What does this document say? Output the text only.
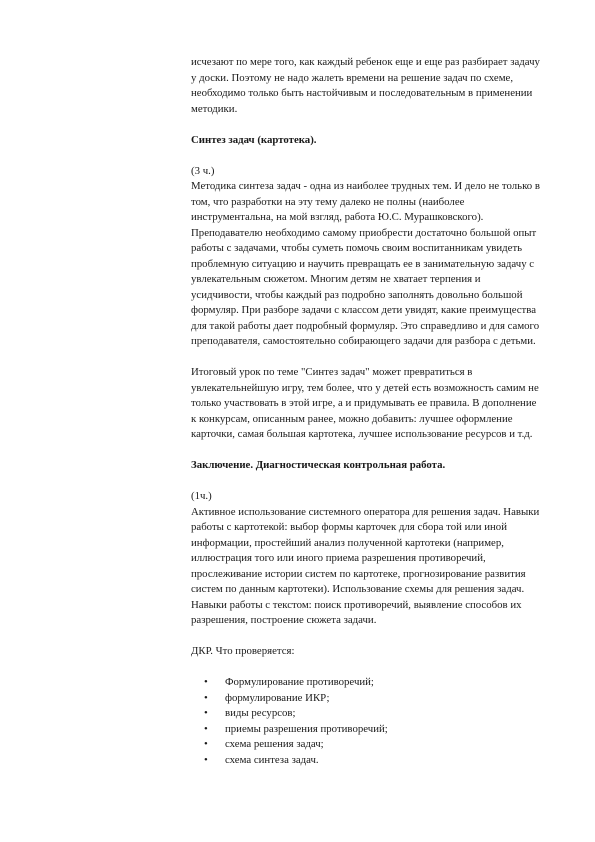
исчезают по мере того, как каждый ребенок еще и еще раз разбирает задачу у доски. Поэтому не надо жалеть времени на решение задач по схеме, необходимо только быть настойчивым и последовательным в применении методики.

Синтез задач (картотека).

(3 ч.)

Методика синтеза задач - одна из наиболее трудных тем. И дело не только в том, что разработки на эту тему далеко не полны (наиболее инструментальна, на мой взгляд, работа Ю.С. Мурашковского). Преподавателю необходимо самому приобрести достаточно большой опыт работы с задачами, чтобы суметь помочь своим воспитанникам увидеть проблемную ситуацию и научить превращать ее в занимательную задачу с увлекательным сюжетом. Многим детям не хватает терпения и усидчивости, чтобы каждый раз подробно заполнять довольно большой формуляр. При разборе задачи с классом дети увидят, какие преимущества для такой работы дает подробный формуляр. Это справедливо и для самого преподавателя, самостоятельно собирающего задачи для разбора с детьми.

Итоговый урок по теме "Синтез задач" может превратиться в увлекательнейшую игру, тем более, что у детей есть возможность самим не только участвовать в этой игре, а и придумывать ее правила. В дополнение к конкурсам, описанным ранее, можно добавить: лучшее оформление карточки, самая большая картотека, лучшее использование ресурсов и т.д.

Заключение. Диагностическая контрольная работа.

(1ч.)

Активное использование системного оператора для решения задач. Навыки работы с картотекой: выбор формы карточек для сбора той или иной информации, простейший анализ полученной картотеки (например, иллюстрация того или иного приема разрешения противоречий, прослеживание истории систем по картотеке, прогнозирование развития систем по данным картотеки). Использование схемы для решения задач. Навыки работы с текстом: поиск противоречий, выявление способов их разрешения, построение сюжета задачи.

ДКР. Что проверяется:

• Формулирование противоречий;
• формулирование ИКР;
• виды ресурсов;
• приемы разрешения противоречий;
• схема решения задач;
• схема синтеза задач.
